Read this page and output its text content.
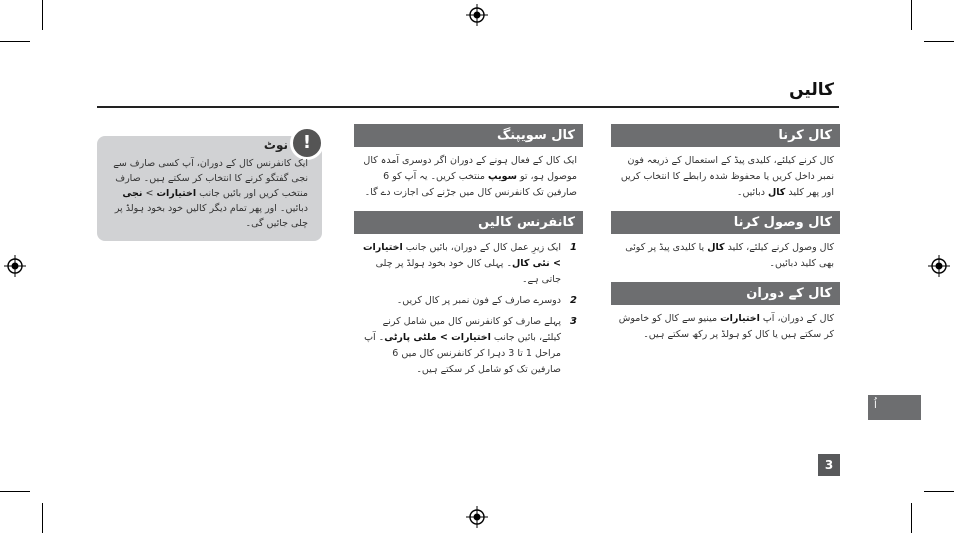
کالیں
کال کرنا
کال کرنے کیلئے، کلیدی پیڈ کے استعمال کے ذریعہ فون نمبر داخل کریں یا محفوظ شدہ رابطے کا انتخاب کریں اور پھر کلید کال دبائیں۔
کال وصول کرنا
کال وصول کرنے کیلئے، کلید کال یا کلیدی پیڈ پر کوئی بھی کلید دبائیں۔
کال کے دوران
کال کے دوران، آپ اختیارات مینیو سے کال کو خاموش کر سکتے ہیں یا کال کو ہولڈ پر رکھ سکتے ہیں۔
کال سویپنگ
ایک کال کے فعال ہونے کے دوران اگر دوسری آمدہ کال موصول ہو، تو سویپ منتخب کریں۔ یہ آپ کو 6 صارفین تک کانفرنس کال میں جڑنے کی اجازت دے گا۔
کانفرنس کالیں
1
ایک زیرِ عمل کال کے دوران، بائیں جانب اختیارات > نئی کال۔ پہلی کال خود بخود ہولڈ پر چلی جاتی ہے۔
2
دوسرے صارف کے فون نمبر پر کال کریں۔
3
پہلے صارف کو کانفرنس کال میں شامل کرنے کیلئے، بائیں جانب اختیارات > ملٹی پارٹی۔ آپ مراحل 1 تا 3 دہرا کر کانفرنس کال میں 6 صارفین تک کو شامل کر سکتے ہیں۔
!
نوٹ
ایک کانفرنس کال کے دوران، آپ کسی صارف سے نجی گفتگو کرنے کا انتخاب کر سکتے ہیں۔ صارف منتخب کریں اور بائیں جانب اختیارات > نجی دبائیں۔ اور پھر تمام دیگر کالیں خود بخود ہولڈ پر چلی جائیں گی۔
اُ
3
